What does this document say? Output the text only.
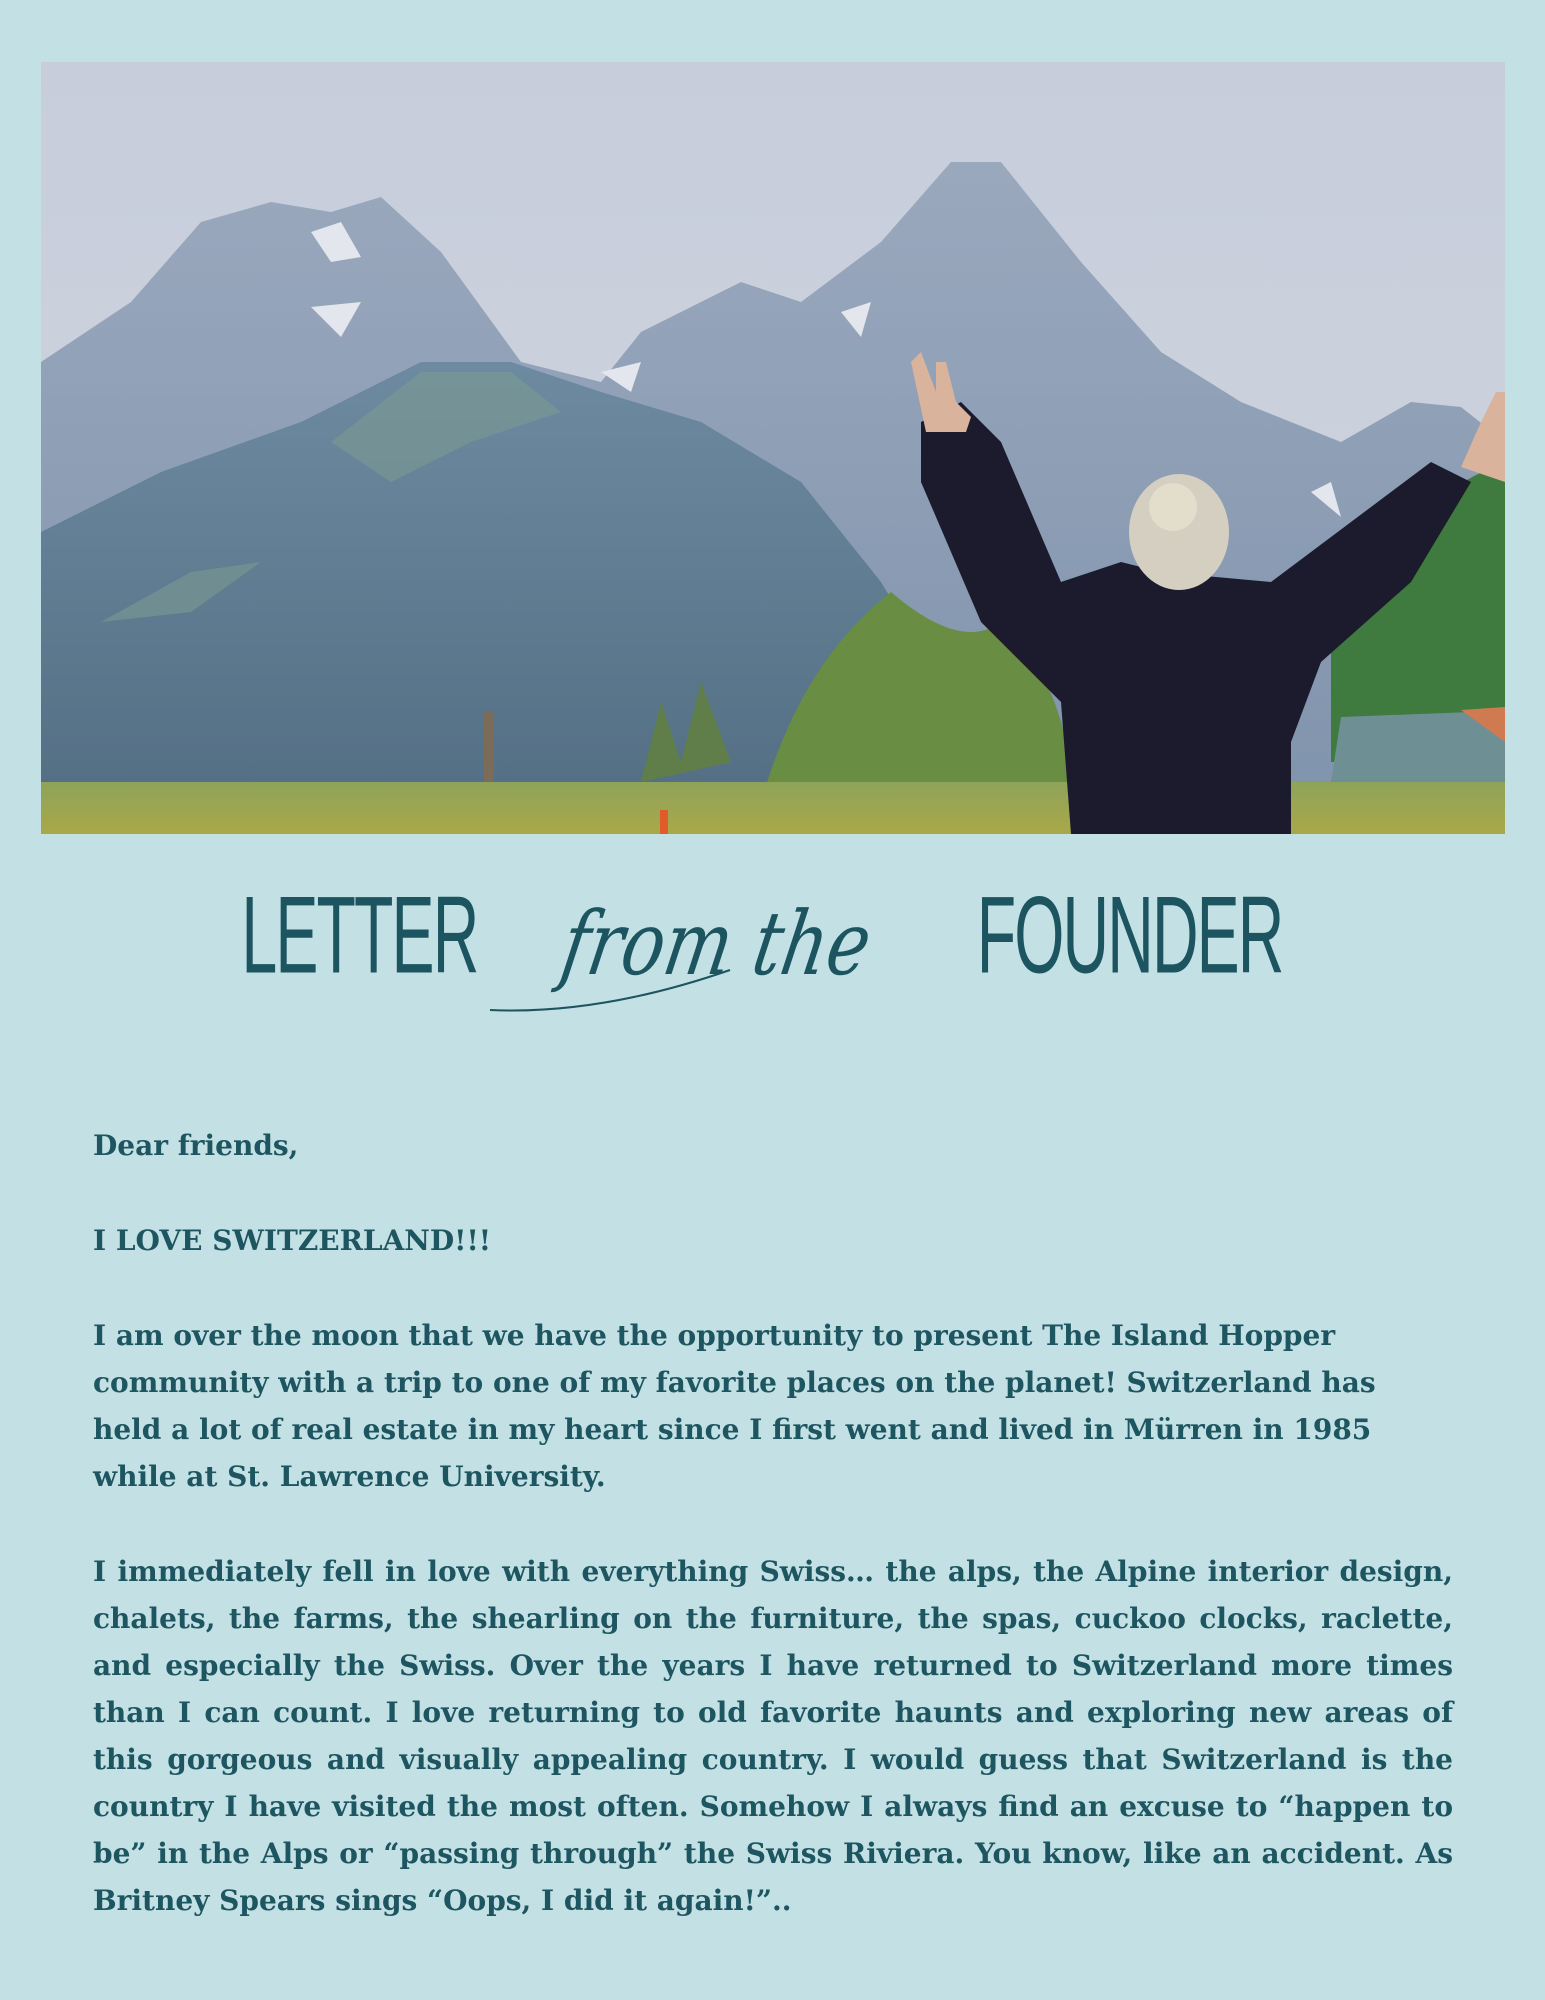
LETTER from the FOUNDER

Dear friends,

I LOVE SWITZERLAND!!!

I am over the moon that we have the opportunity to present The Island Hopper community with a trip to one of my favorite places on the planet! Switzerland has held a lot of real estate in my heart since I first went and lived in Mürren in 1985 while at St. Lawrence University.

I immediately fell in love with everything Swiss… the alps, the Alpine interior design, chalets, the farms, the shearling on the furniture, the spas, cuckoo clocks, raclette, and especially the Swiss. Over the years I have returned to Switzerland more times than I can count. I love returning to old favorite haunts and exploring new areas of this gorgeous and visually appealing country. I would guess that Switzerland is the country I have visited the most often. Somehow I always find an excuse to “happen to be” in the Alps or “passing through” the Swiss Riviera. You know, like an accident. As Britney Spears sings “Oops, I did it again!”..
